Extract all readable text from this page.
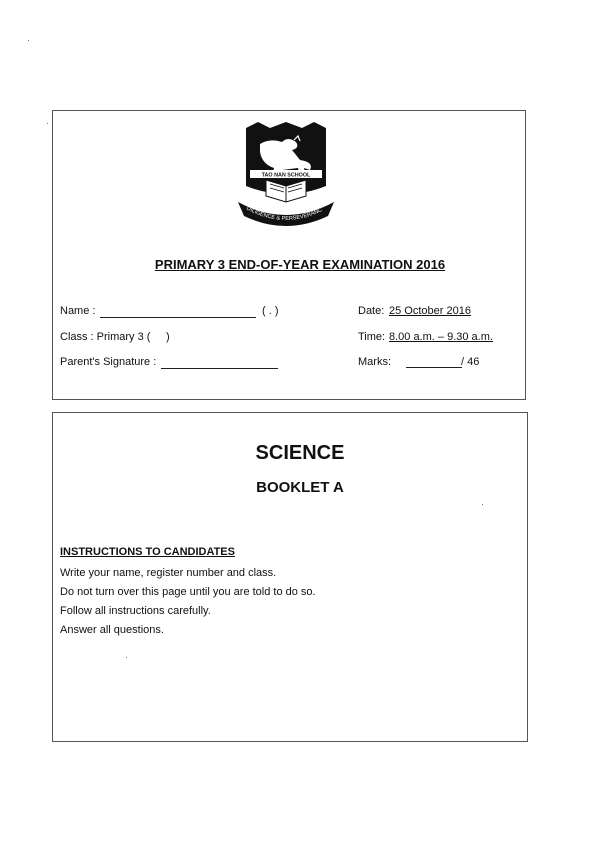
TAO NAN SCHOOL
DILIGENCE & PERSEVERANC
PRIMARY 3 END-OF-YEAR EXAMINATION 2016
Name :	( . )	Date: 25 October 2016
Class : Primary 3 ( )	Time: 8.00 a.m. – 9.30 a.m.
Parent's Signature :	Marks:	/ 46
SCIENCE
BOOKLET A
INSTRUCTIONS TO CANDIDATES
Write your name, register number and class.
Do not turn over this page until you are told to do so.
Follow all instructions carefully.
Answer all questions.
